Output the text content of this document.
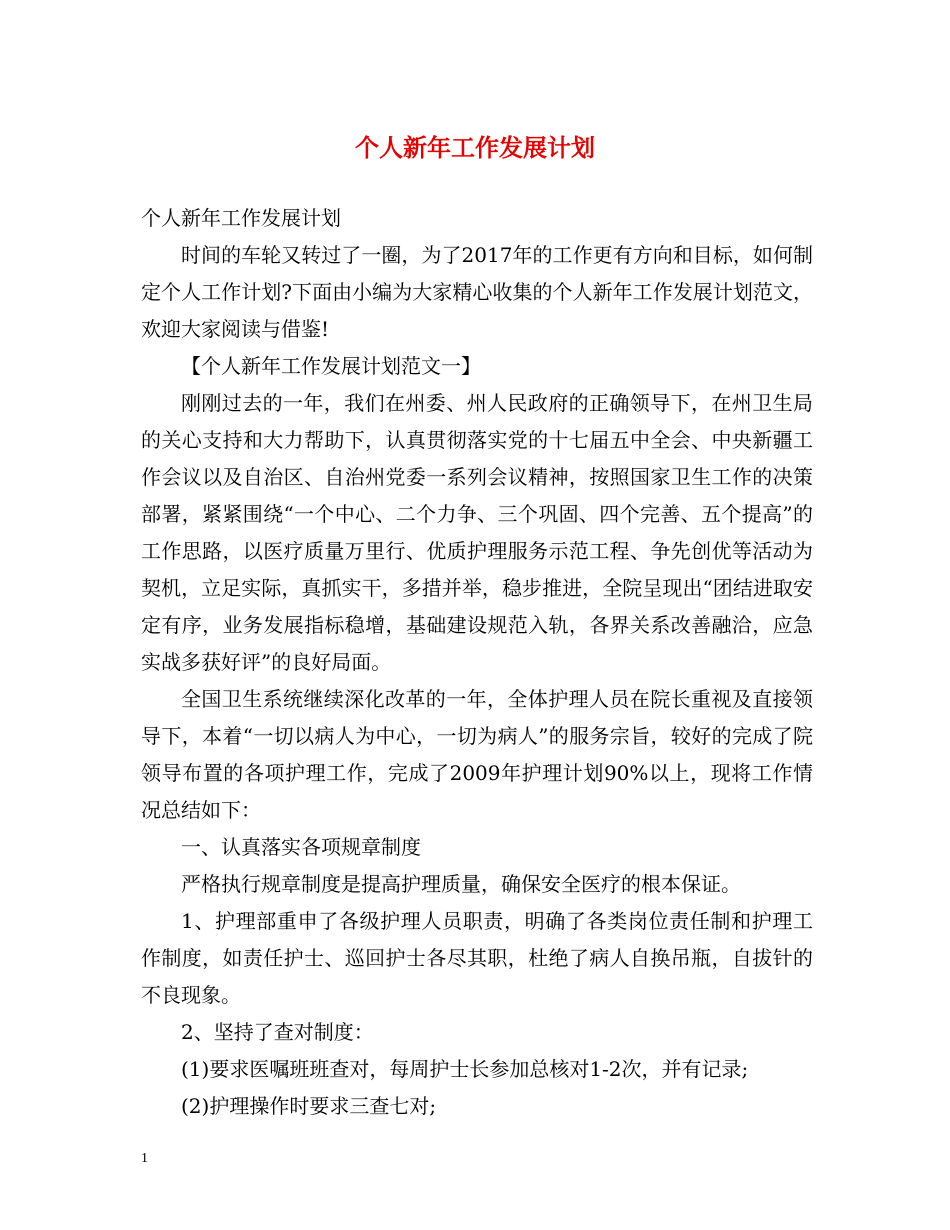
个人新年工作发展计划

个人新年工作发展计划

时间的车轮又转过了一圈，为了2017年的工作更有方向和目标，如何制定个人工作计划?下面由小编为大家精心收集的个人新年工作发展计划范文，欢迎大家阅读与借鉴!

【个人新年工作发展计划范文一】

刚刚过去的一年，我们在州委、州人民政府的正确领导下，在州卫生局的关心支持和大力帮助下，认真贯彻落实党的十七届五中全会、中央新疆工作会议以及自治区、自治州党委一系列会议精神，按照国家卫生工作的决策部署，紧紧围绕“一个中心、二个力争、三个巩固、四个完善、五个提高”的工作思路，以医疗质量万里行、优质护理服务示范工程、争先创优等活动为契机，立足实际，真抓实干，多措并举，稳步推进，全院呈现出“团结进取安定有序，业务发展指标稳增，基础建设规范入轨，各界关系改善融洽，应急实战多获好评”的良好局面。

全国卫生系统继续深化改革的一年，全体护理人员在院长重视及直接领导下，本着“一切以病人为中心，一切为病人”的服务宗旨，较好的完成了院领导布置的各项护理工作，完成了2009年护理计划90%以上，现将工作情况总结如下：

一、认真落实各项规章制度

严格执行规章制度是提高护理质量，确保安全医疗的根本保证。

1、护理部重申了各级护理人员职责，明确了各类岗位责任制和护理工作制度，如责任护士、巡回护士各尽其职，杜绝了病人自换吊瓶，自拔针的不良现象。

2、坚持了查对制度：

(1)要求医嘱班班查对，每周护士长参加总核对1-2次，并有记录;

(2)护理操作时要求三查七对;

1
